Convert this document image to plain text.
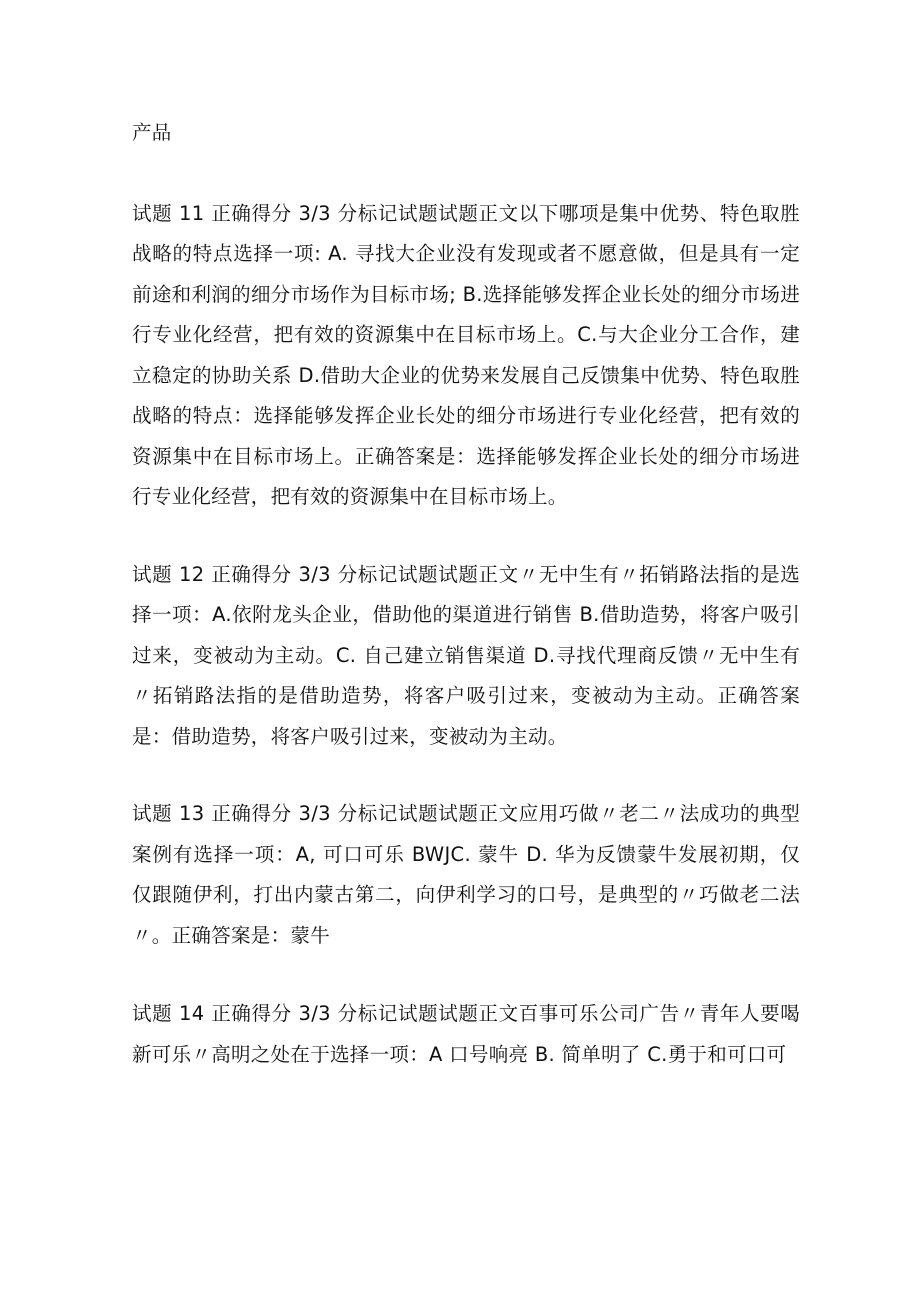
产品

试题 11 正确得分 3/3 分标记试题试题正文以下哪项是集中优势、特色取胜战略的特点选择一项: A. 寻找大企业没有发现或者不愿意做，但是具有一定前途和利润的细分市场作为目标市场; B.选择能够发挥企业长处的细分市场进行专业化经营，把有效的资源集中在目标市场上。C.与大企业分工合作，建立稳定的协助关系 D.借助大企业的优势来发展自己反馈集中优势、特色取胜战略的特点：选择能够发挥企业长处的细分市场进行专业化经营，把有效的资源集中在目标市场上。正确答案是：选择能够发挥企业长处的细分市场进行专业化经营，把有效的资源集中在目标市场上。

试题 12 正确得分 3/3 分标记试题试题正文〃无中生有〃拓销路法指的是选择一项：A.依附龙头企业，借助他的渠道进行销售 B.借助造势，将客户吸引过来，变被动为主动。C. 自己建立销售渠道 D.寻找代理商反馈〃无中生有〃拓销路法指的是借助造势，将客户吸引过来，变被动为主动。正确答案是：借助造势，将客户吸引过来，变被动为主动。

试题 13 正确得分 3/3 分标记试题试题正文应用巧做〃老二〃法成功的典型案例有选择一项：A, 可口可乐 BWJC. 蒙牛 D. 华为反馈蒙牛发展初期，仅仅跟随伊利，打出内蒙古第二，向伊利学习的口号，是典型的〃巧做老二法〃。正确答案是：蒙牛

试题 14 正确得分 3/3 分标记试题试题正文百事可乐公司广告〃青年人要喝新可乐〃高明之处在于选择一项：A 口号响亮 B. 简单明了 C.勇于和可口可
